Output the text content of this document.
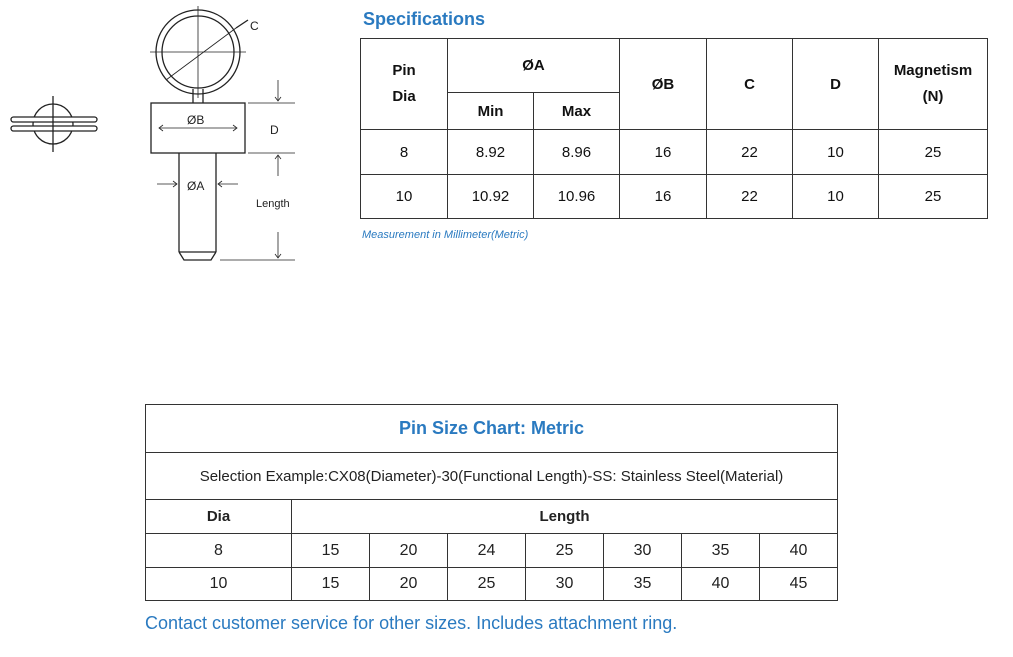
C
ØB
D
ØA
Length
Specifications
Pin
Dia	ØA		ØB	C	D	Magnetism
(N)
	Min	Max				
8	8.92	8.96	16	22	10	25
10	10.92	10.96	16	22	10	25
Measurement in Millimeter(Metric)
Pin Size Chart: Metric							
Selection Example:CX08(Diameter)-30(Functional Length)-SS: Stainless Steel(Material)							
Dia	Length						
8	15	20	24	25	30	35	40
10	15	20	25	30	35	40	45
Contact customer service for other sizes. Includes attachment ring.
